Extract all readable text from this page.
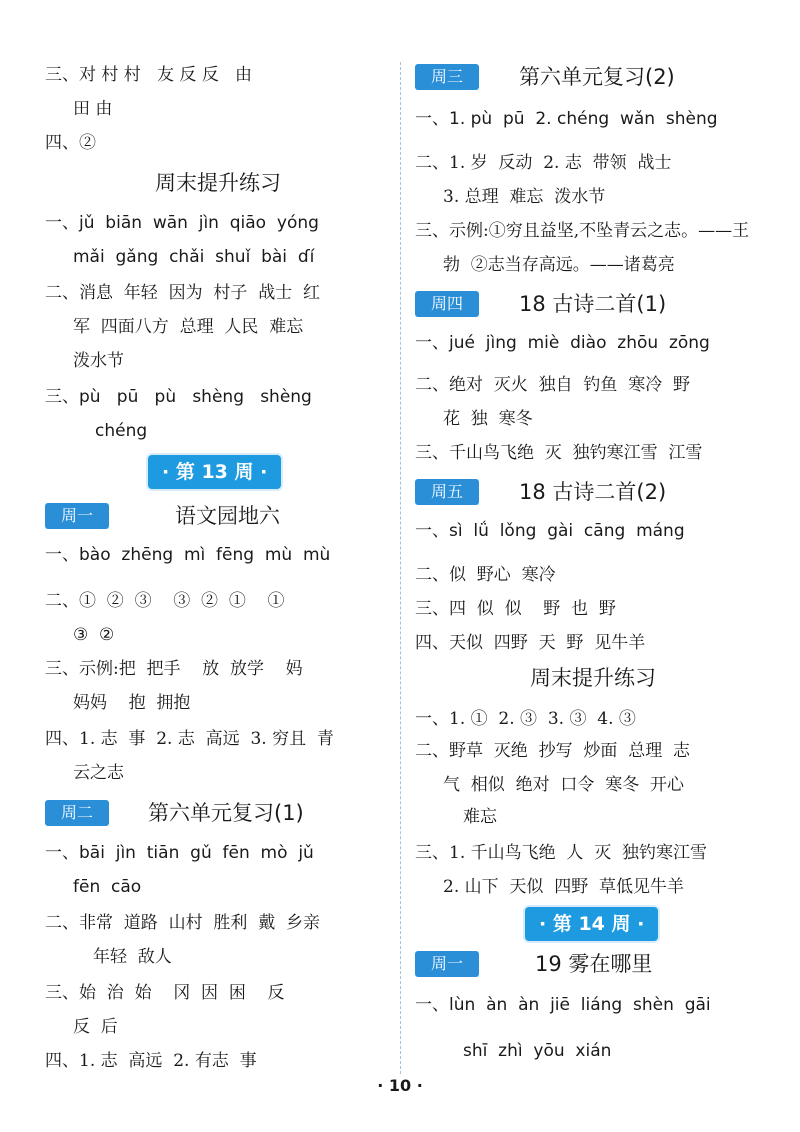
三、对 村 村   友 反 反   由
田 由
四、②
周末提升练习
一、jǔ  biān  wān  jìn  qiāo  yóng
mǎi  gǎng  chǎi  shuǐ  bài  ɗí
二、消息  年轻  因为  村子  战士  红
军  四面八方  总理  人民  难忘
泼水节
三、pù   pū   pù   shèng   shèng
chéng
· 第 13 周 ·
周一	语文园地六
一、bào  zhēng  mì  fēng  mù  mù
二、①  ②  ③    ③  ②  ①    ①
③  ②
三、示例:把  把手    放  放学    妈
妈妈    抱  拥抱
四、1. 志  事  2. 志  高远  3. 穷且  青
云之志
周二	第六单元复习(1)
一、bāi  jìn  tiān  gǔ  fēn  mò  jǔ
fēn  cāo
二、非常  道路  山村  胜利  戴  乡亲
年轻  敌人
三、始  治  始    冈  因  困    反
反  后
四、1. 志  高远  2. 有志  事
周三	第六单元复习(2)
一、1. pù  pū  2. chéng  wǎn  shèng
二、1. 岁  反动  2. 志  带领  战士
3. 总理  难忘  泼水节
三、示例:①穷且益坚,不坠青云之志。——王
勃  ②志当存高远。——诸葛亮
周四	18 古诗二首(1)
一、jué  jìng  miè  diào  zhōu  zōng
二、绝对  灭火  独自  钓鱼  寒冷  野
花  独  寒冬
三、千山鸟飞绝  灭  独钓寒江雪  江雪
周五	18 古诗二首(2)
一、sì  lǘ  lǒng  gài  cāng  máng
二、似  野心  寒冷
三、四  似  似    野  也  野
四、天似  四野  天  野  见牛羊
周末提升练习
一、1. ①  2. ③  3. ③  4. ③
二、野草  灭绝  抄写  炒面  总理  志
气  相似  绝对  口令  寒冬  开心
难忘
三、1. 千山鸟飞绝  人  灭  独钓寒江雪
2. 山下  天似  四野  草低见牛羊
· 第 14 周 ·
周一	19 雾在哪里
一、lùn  àn  àn  jiē  liáng  shèn  gāi
shī  zhì  yōu  xián
· 10 ·
